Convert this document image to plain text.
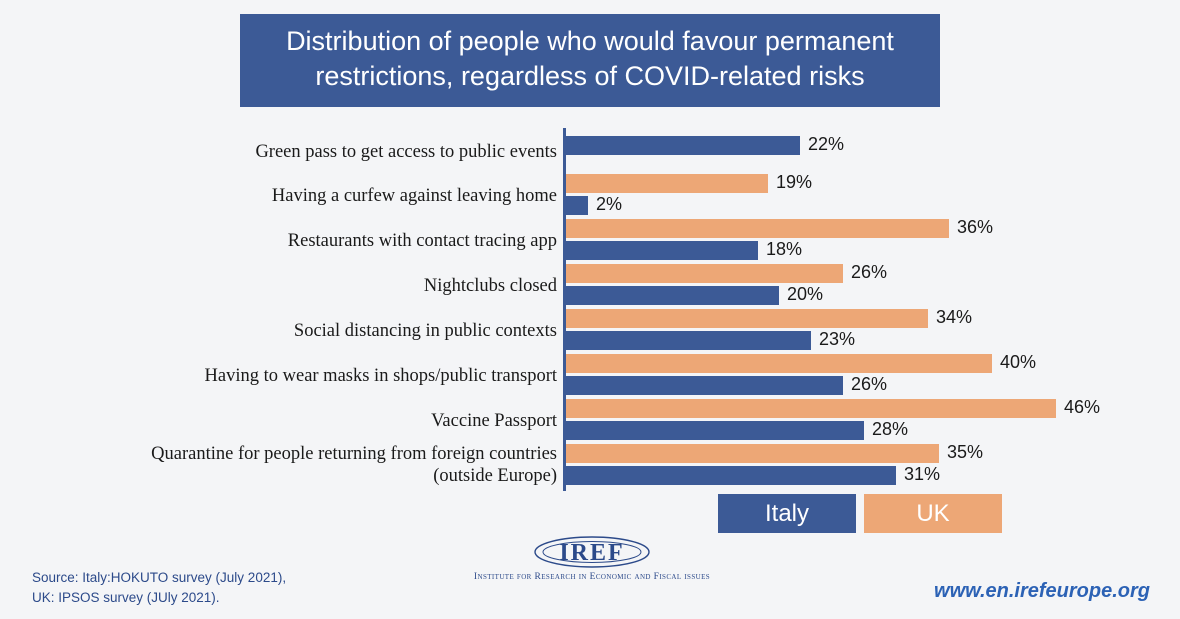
Distribution of people who would favour permanent restrictions, regardless of COVID-related risks
Green pass to get access to public events	22%
Having a curfew against leaving home
19%
2%
Restaurants with contact tracing app
36%
18%
Nightclubs closed
26%
20%
Social distancing in public contexts
34%
23%
Having to wear masks in shops/public transport
40%
26%
Vaccine Passport
46%
28%
Quarantine for people returning from foreign countries (outside Europe)
35%
31%
Italy	UK
Source: Italy:HOKUTO survey (July 2021),
UK: IPSOS survey (JUly 2021).
IREF
Institute for Research in Economic and Fiscal issues
www.en.irefeurope.org
